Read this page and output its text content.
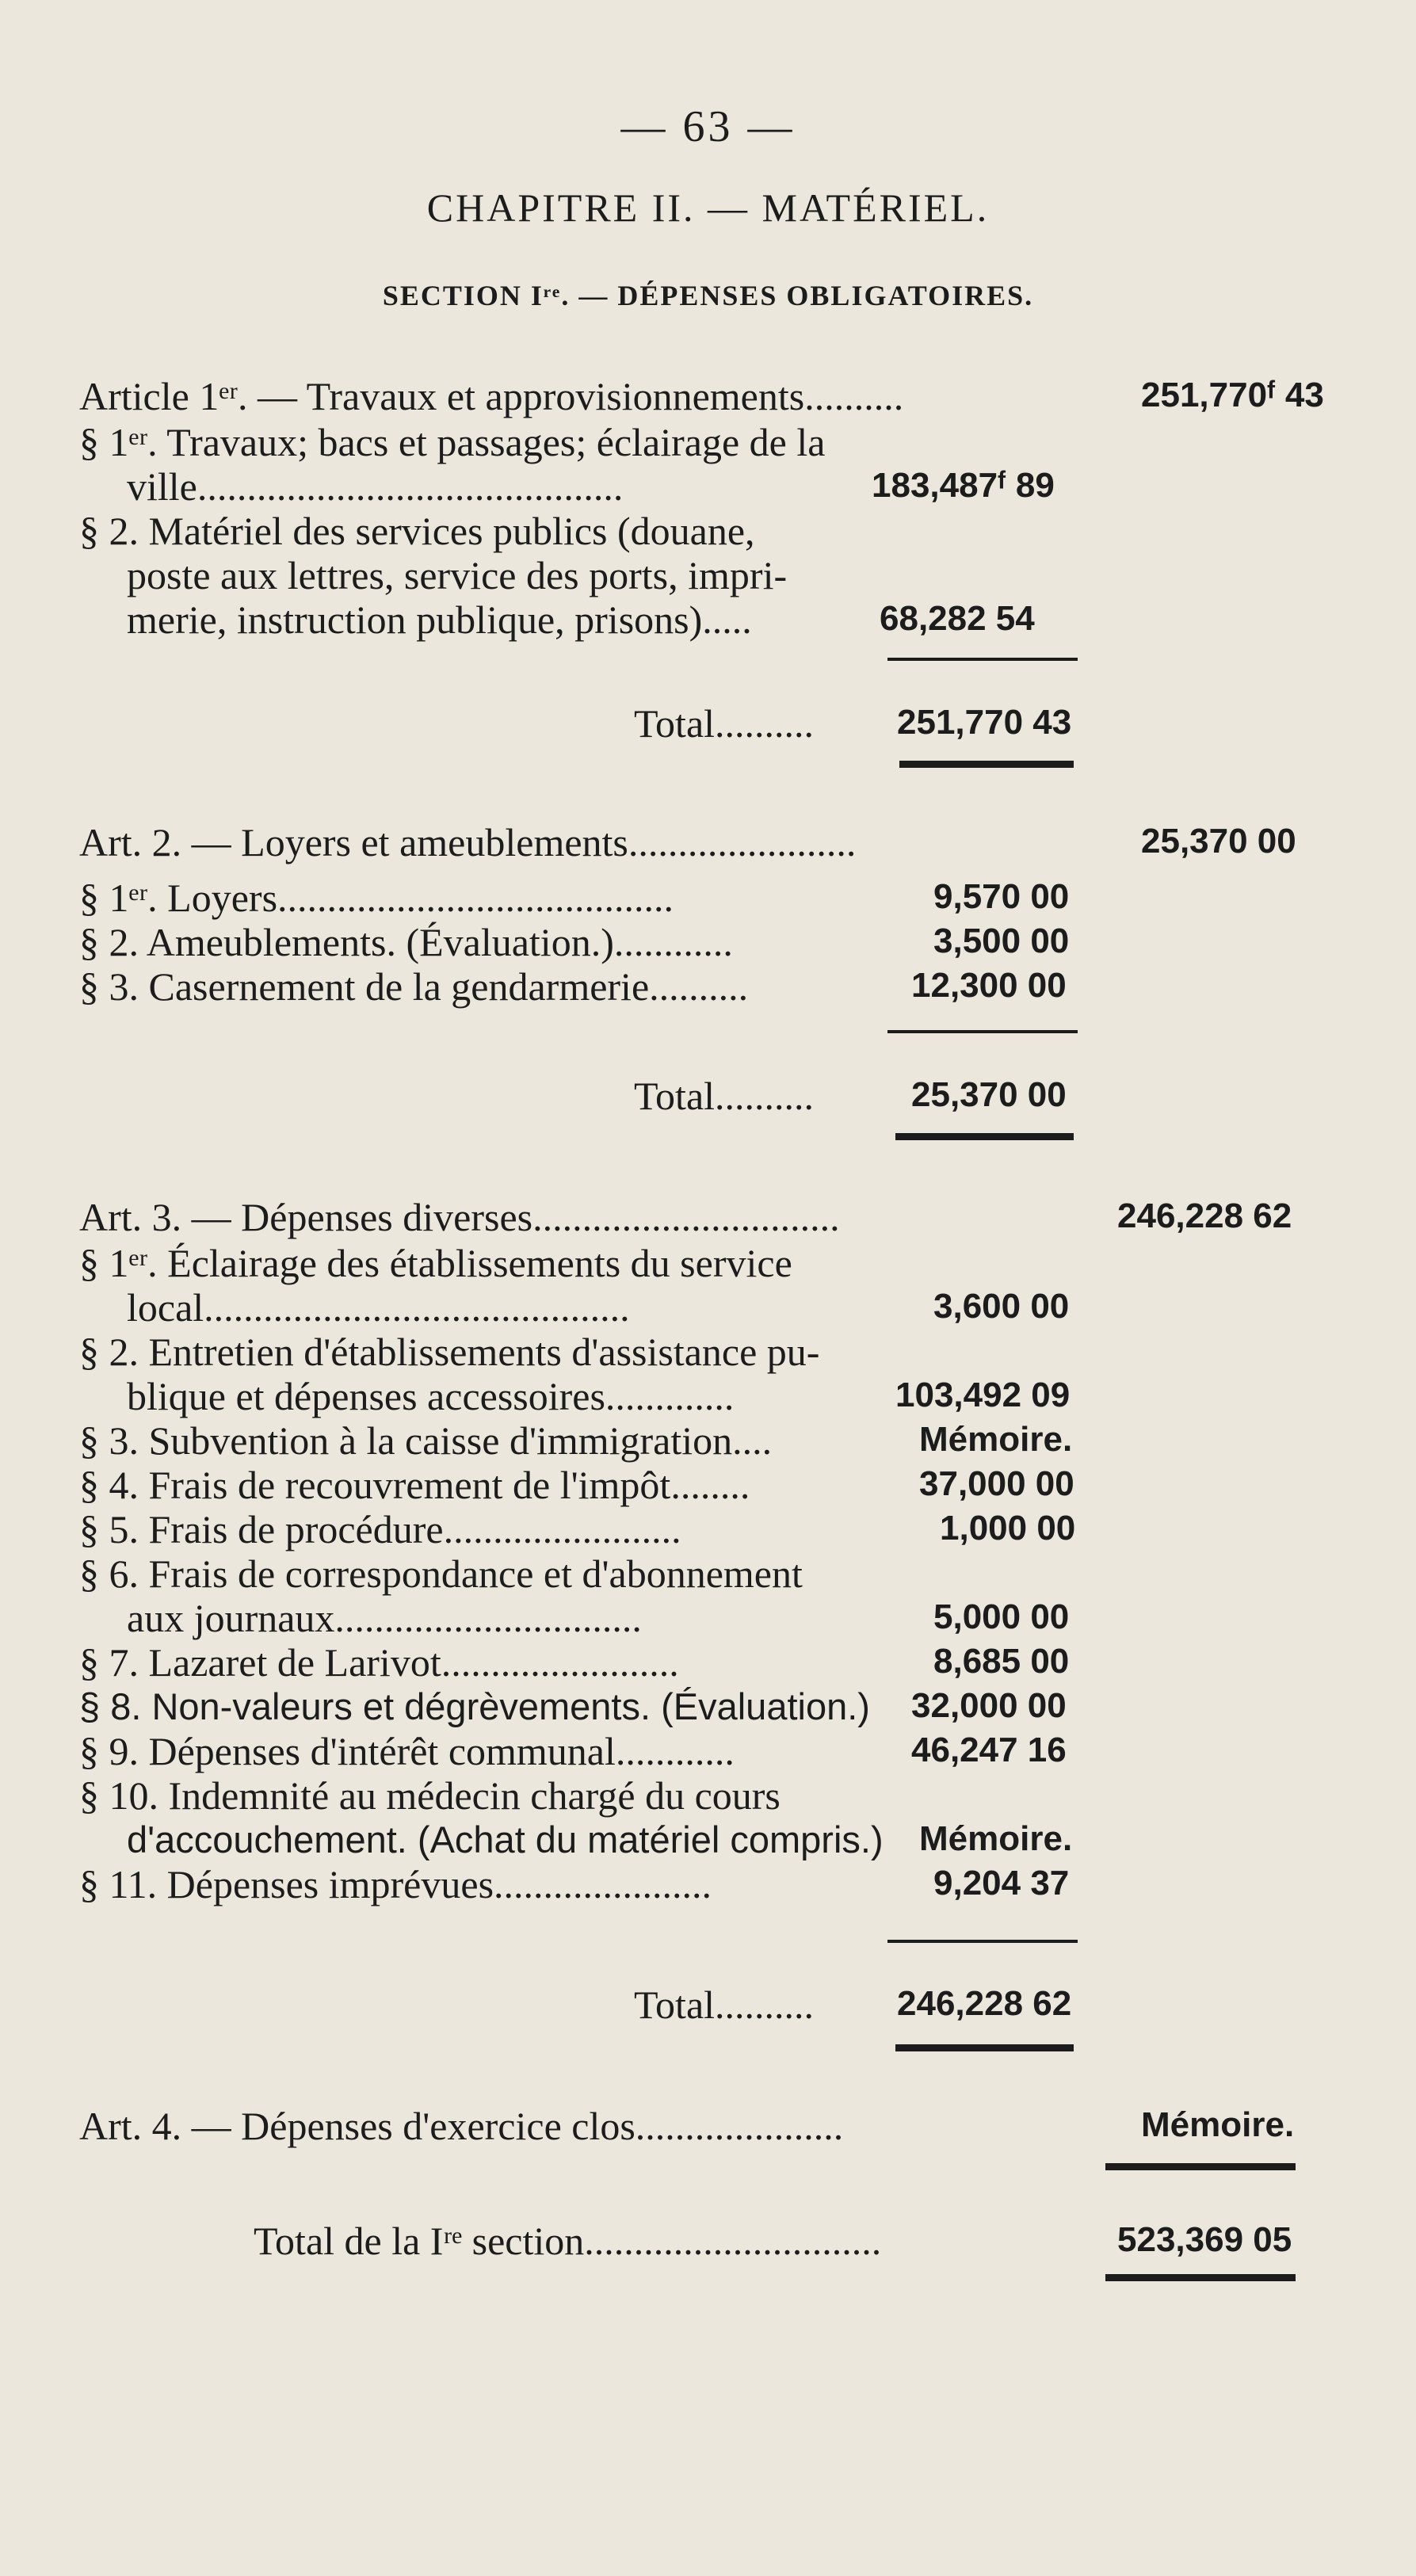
— 63 —
CHAPITRE II. — MATÉRIEL.
SECTION Iʳᵉ. — DÉPENSES OBLIGATOIRES.
Article 1ᵉʳ. — Travaux et approvisionnements..........	251,770ᶠ 43
§ 1ᵉʳ. Travaux; bacs et passages; éclairage de la
ville...........................................	183,487ᶠ 89
§ 2. Matériel des services publics (douane,
poste aux lettres, service des ports, impri-
merie, instruction publique, prisons).....	68,282 54
Total.......... 251,770 43
Art. 2. — Loyers et ameublements.......................	25,370 00
§ 1ᵉʳ. Loyers........................................	9,570 00
§ 2. Ameublements. (Évaluation.)............	3,500 00
§ 3. Casernement de la gendarmerie..........	12,300 00
Total..........	25,370 00
Art. 3. — Dépenses diverses...............................	246,228 62
§ 1ᵉʳ. Éclairage des établissements du service
local...........................................	3,600 00
§ 2. Entretien d'établissements d'assistance pu-
blique et dépenses accessoires.............	103,492 09
§ 3. Subvention à la caisse d'immigration....	Mémoire.
§ 4. Frais de recouvrement de l'impôt........	37,000 00
§ 5. Frais de procédure........................	1,000 00
§ 6. Frais de correspondance et d'abonnement
aux journaux...............................	5,000 00
§ 7. Lazaret de Larivot........................	8,685 00
§ 8. Non-valeurs et dégrèvements. (Évaluation.) 32,000 00
§ 9. Dépenses d'intérêt communal............	46,247 16
§ 10. Indemnité au médecin chargé du cours
d'accouchement. (Achat du matériel compris.) Mémoire.
§ 11. Dépenses imprévues......................	9,204 37
Total.......... 246,228 62
Art. 4. — Dépenses d'exercice clos.....................	Mémoire.
Total de la Iʳᵉ section..............................	523,369 05
